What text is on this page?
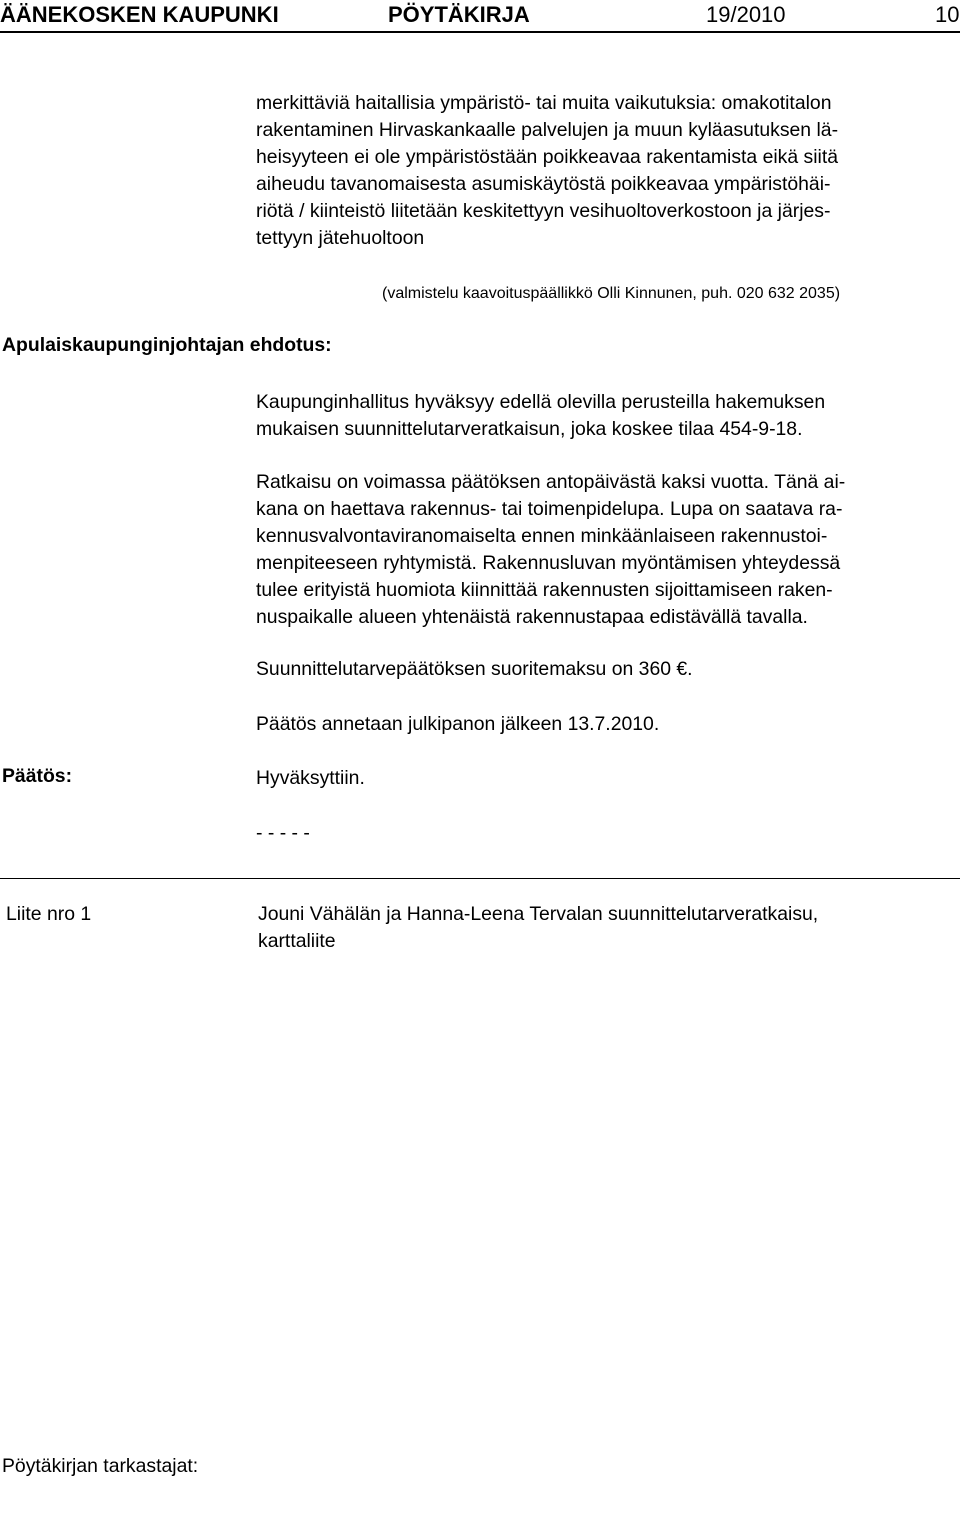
ÄÄNEKOSKEN KAUPUNKI	PÖYTÄKIRJA	19/2010	10
merkittäviä haitallisia ympäristö- tai muita vaikutuksia: omakotitalon
rakentaminen Hirvaskankaalle palvelujen ja muun kyläasutuksen lä-
heisyyteen ei ole ympäristöstään poikkeavaa rakentamista eikä siitä
aiheudu tavanomaisesta asumiskäytöstä poikkeavaa ympäristöhäi-
riötä / kiinteistö liitetään keskitettyyn vesihuoltoverkostoon ja järjes-
tettyyn jätehuoltoon
(valmistelu kaavoituspäällikkö Olli Kinnunen, puh. 020 632 2035)
Apulaiskaupunginjohtajan ehdotus:
Kaupunginhallitus hyväksyy edellä olevilla perusteilla hakemuksen
mukaisen suunnittelutarveratkaisun, joka koskee tilaa 454-9-18.
Ratkaisu on voimassa päätöksen antopäivästä kaksi vuotta. Tänä ai-
kana on haettava rakennus- tai toimenpidelupa. Lupa on saatava ra-
kennusvalvontaviranomaiselta ennen minkäänlaiseen rakennustoi-
menpiteeseen ryhtymistä. Rakennusluvan myöntämisen yhteydessä
tulee erityistä huomiota kiinnittää rakennusten sijoittamiseen raken-
nuspaikalle alueen yhtenäistä rakennustapaa edistävällä tavalla.
Suunnittelutarvepäätöksen suoritemaksu on 360 €.
Päätös annetaan julkipanon jälkeen 13.7.2010.
Päätös:	Hyväksyttiin.
- - - - -
Liite nro 1	Jouni Vähälän ja Hanna-Leena Tervalan suunnittelutarveratkaisu,
karttaliite
Pöytäkirjan tarkastajat:
